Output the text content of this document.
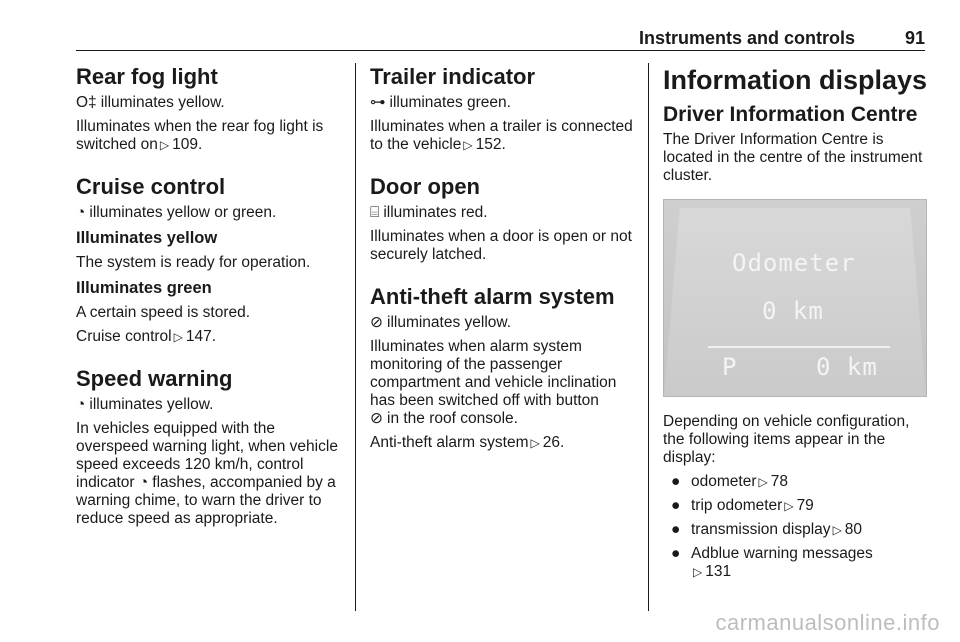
Instruments and controls	91
Rear fog light

O‡ illuminates yellow.

Illuminates when the rear fog light is switched on ▷ 109.

Cruise control

◔ illuminates yellow or green.

Illuminates yellow

The system is ready for operation.

Illuminates green

A certain speed is stored.

Cruise control ▷ 147.

Speed warning

◔ illuminates yellow.

In vehicles equipped with the overspeed warning light, when vehicle speed exceeds 120 km/h, control indicator ◔ flashes, accompanied by a warning chime, to warn the driver to reduce speed as appropriate.

Trailer indicator

⊶ illuminates green.

Illuminates when a trailer is connected to the vehicle ▷ 152.

Door open

⌸ illuminates red.

Illuminates when a door is open or not securely latched.

Anti-theft alarm system

⊘ illuminates yellow.

Illuminates when alarm system monitoring of the passenger compartment and vehicle inclination has been switched off with button
⊘ in the roof console.

Anti-theft alarm system ▷ 26.

Information displays
Driver Information Centre

The Driver Information Centre is located in the centre of the instrument cluster.

Odometer
0 km
P	0 km

Depending on vehicle configuration, the following items appear in the display:

● odometer ▷ 78
● trip odometer ▷ 79
● transmission display ▷ 80
● Adblue warning messages
▷ 131
carmanualsonline.info
